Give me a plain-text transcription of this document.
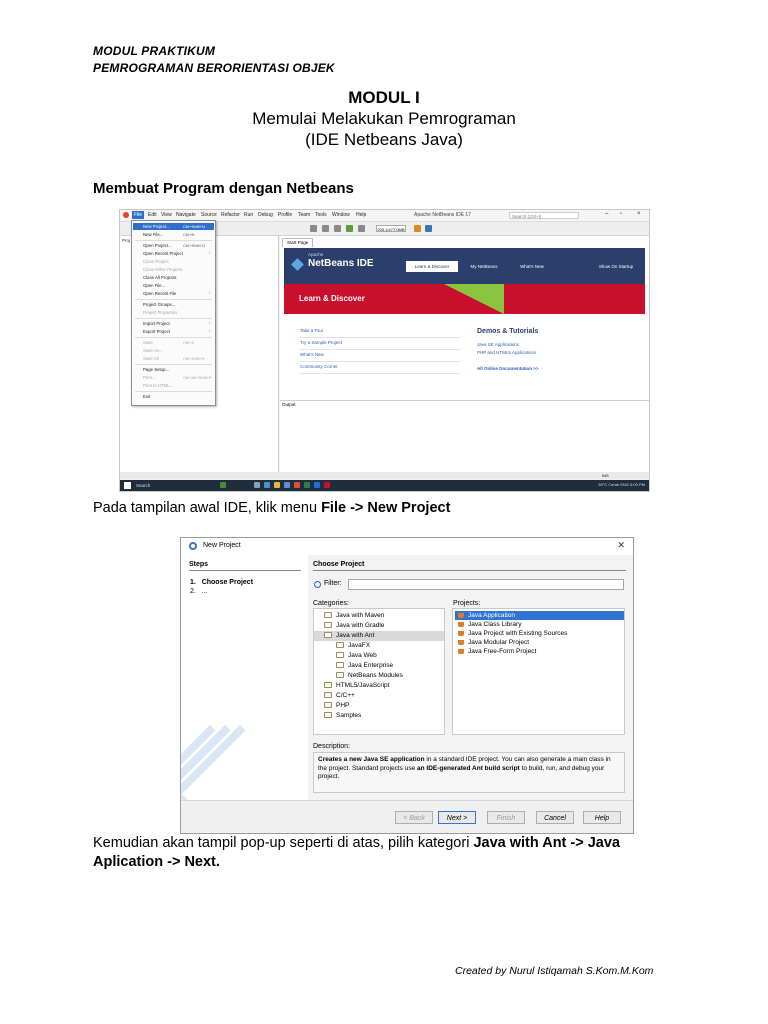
MODUL PRAKTIKUM
PEMROGRAMAN BERORIENTASI OBJEK
MODUL I
Memulai Melakukan Pemrograman
(IDE Netbeans Java)
Membuat Program dengan Netbeans
File	Edit View Navigate Source Refactor Run Debug Profile Team Tools Window Help	Apache NetBeans IDE 17	Search (Ctrl+I)	– ▫ ×
203.1/477.0MB
Proj	Start Page
Apache
NetBeans IDE	Learn & Discover	My NetBeans	What's New	Show On Startup
Learn & Discover
Take a Tour
Try a Sample Project
What's New
Community Corner
Demos & Tutorials
Java SE Applications
PHP and HTML5 Applications
All Online Documentation >>
Output
INS
Search	35°C Cerah ENG 5:00 PM
New Project...	Ctrl+Shift+N
New File...	Ctrl+N
Open Project...	Ctrl+Shift+O
Open Recent Project	›
Close Project
Close Other Projects
Close All Projects
Open File...
Open Recent File	›
Project Groups...
Project Properties
Import Project	›
Export Project	›
Save	Ctrl+S
Save As...
Save All	Ctrl+Shift+S
Page Setup...
Print...	Ctrl+Alt+Shift+P
Print to HTML...
Exit
Pada tampilan awal IDE, klik menu File -> New Project
New Project	✕
Steps
1. Choose Project
2. ...
Choose Project
Filter:
Categories:	Projects:
Java with Maven
Java with Gradle
Java with Ant
JavaFX
Java Web
Java Enterprise
NetBeans Modules
HTML5/JavaScript
C/C++
PHP
Samples
Java Application
Java Class Library
Java Project with Existing Sources
Java Modular Project
Java Free-Form Project
Description:
Creates a new Java SE application in a standard IDE project. You can also generate a main class in the project. Standard projects use an IDE-generated Ant build script to build, run, and debug your project.
< Back	Next >	Finish	Cancel	Help
Kemudian akan tampil pop-up seperti di atas, pilih kategori Java with Ant -> Java
Aplication -> Next.
Created by Nurul Istiqamah S.Kom.M.Kom
